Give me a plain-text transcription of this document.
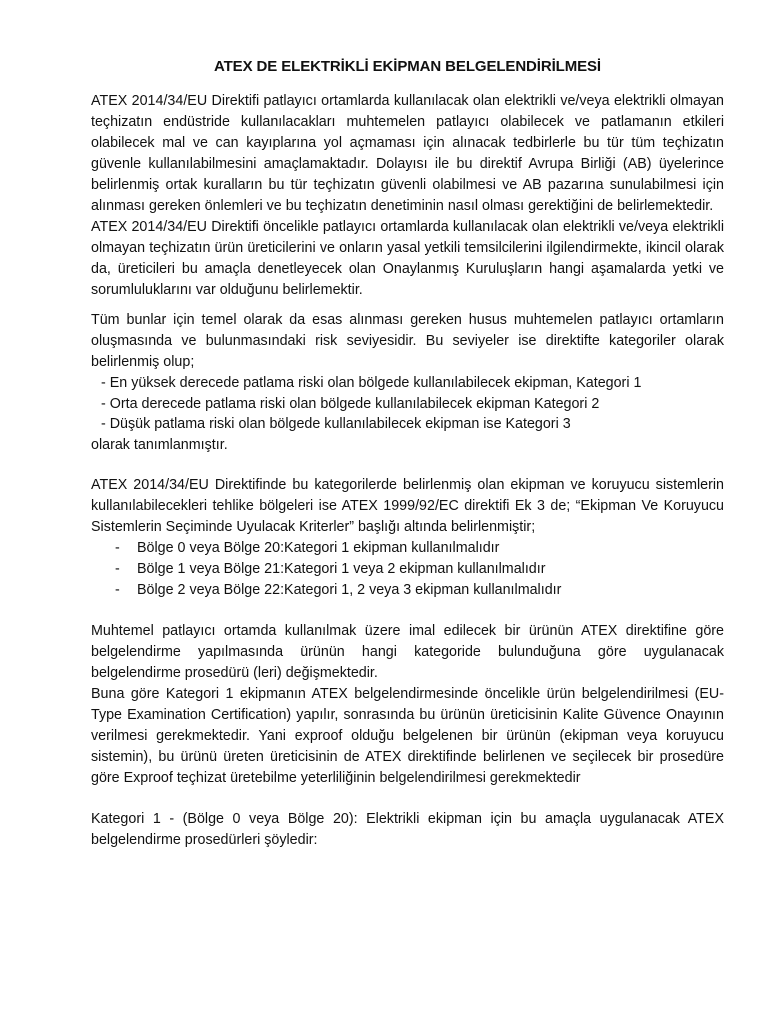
ATEX DE ELEKTRİKLİ EKİPMAN BELGELENDİRİLMESİ

ATEX 2014/34/EU Direktifi patlayıcı ortamlarda kullanılacak olan elektrikli ve/veya elektrikli olmayan teçhizatın endüstride kullanılacakları muhtemelen patlayıcı olabilecek ve patlamanın etkileri olabilecek mal ve can kayıplarına yol açmaması için alınacak tedbirlerle bu tür tüm teçhizatın güvenle kullanılabilmesini amaçlamaktadır. Dolayısı ile bu direktif Avrupa Birliği (AB) üyelerince belirlenmiş ortak kuralların bu tür teçhizatın güvenli olabilmesi ve AB pazarına sunulabilmesi için alınması gereken önlemleri ve bu teçhizatın denetiminin nasıl olması gerektiğini de belirlemektedir.

ATEX 2014/34/EU Direktifi öncelikle patlayıcı ortamlarda kullanılacak olan elektrikli ve/veya elektrikli olmayan teçhizatın ürün üreticilerini ve onların yasal yetkili temsilcilerini ilgilendirmekte, ikincil olarak da, üreticileri bu amaçla denetleyecek olan Onaylanmış Kuruluşların hangi aşamalarda yetki ve sorumluluklarını var olduğunu belirlemektir.

Tüm bunlar için temel olarak da esas alınması gereken husus muhtemelen patlayıcı ortamların oluşmasında ve bulunmasındaki risk seviyesidir. Bu seviyeler ise direktifte kategoriler olarak belirlenmiş olup;

- En yüksek derecede patlama riski olan bölgede kullanılabilecek ekipman, Kategori 1
- Orta derecede patlama riski olan bölgede kullanılabilecek ekipman Kategori 2
- Düşük patlama riski olan bölgede kullanılabilecek ekipman ise Kategori 3

olarak tanımlanmıştır.

ATEX 2014/34/EU Direktifinde bu kategorilerde belirlenmiş olan ekipman ve koruyucu sistemlerin kullanılabilecekleri tehlike bölgeleri ise ATEX 1999/92/EC direktifi Ek 3 de; “Ekipman Ve Koruyucu Sistemlerin Seçiminde Uyulacak Kriterler” başlığı altında belirlenmiştir;

-	Bölge 0 veya Bölge 20:Kategori 1 ekipman kullanılmalıdır
-	Bölge 1 veya Bölge 21:Kategori 1 veya 2 ekipman kullanılmalıdır
-	Bölge 2 veya Bölge 22:Kategori 1, 2 veya 3 ekipman kullanılmalıdır

Muhtemel patlayıcı ortamda kullanılmak üzere imal edilecek bir ürünün ATEX direktifine göre belgelendirme yapılmasında ürünün hangi kategoride bulunduğuna göre uygulanacak belgelendirme prosedürü (leri) değişmektedir.

Buna göre Kategori 1 ekipmanın ATEX belgelendirmesinde öncelikle ürün belgelendirilmesi (EU-Type Examination Certification) yapılır, sonrasında bu ürünün üreticisinin Kalite Güvence Onayının verilmesi gerekmektedir. Yani exproof olduğu belgelenen bir ürünün (ekipman veya koruyucu sistemin), bu ürünü üreten üreticisinin de ATEX direktifinde belirlenen ve seçilecek bir prosedüre göre Exproof teçhizat üretebilme yeterliliğinin belgelendirilmesi gerekmektedir

Kategori 1 - (Bölge 0 veya Bölge 20): Elektrikli ekipman için bu amaçla uygulanacak ATEX belgelendirme prosedürleri şöyledir:
